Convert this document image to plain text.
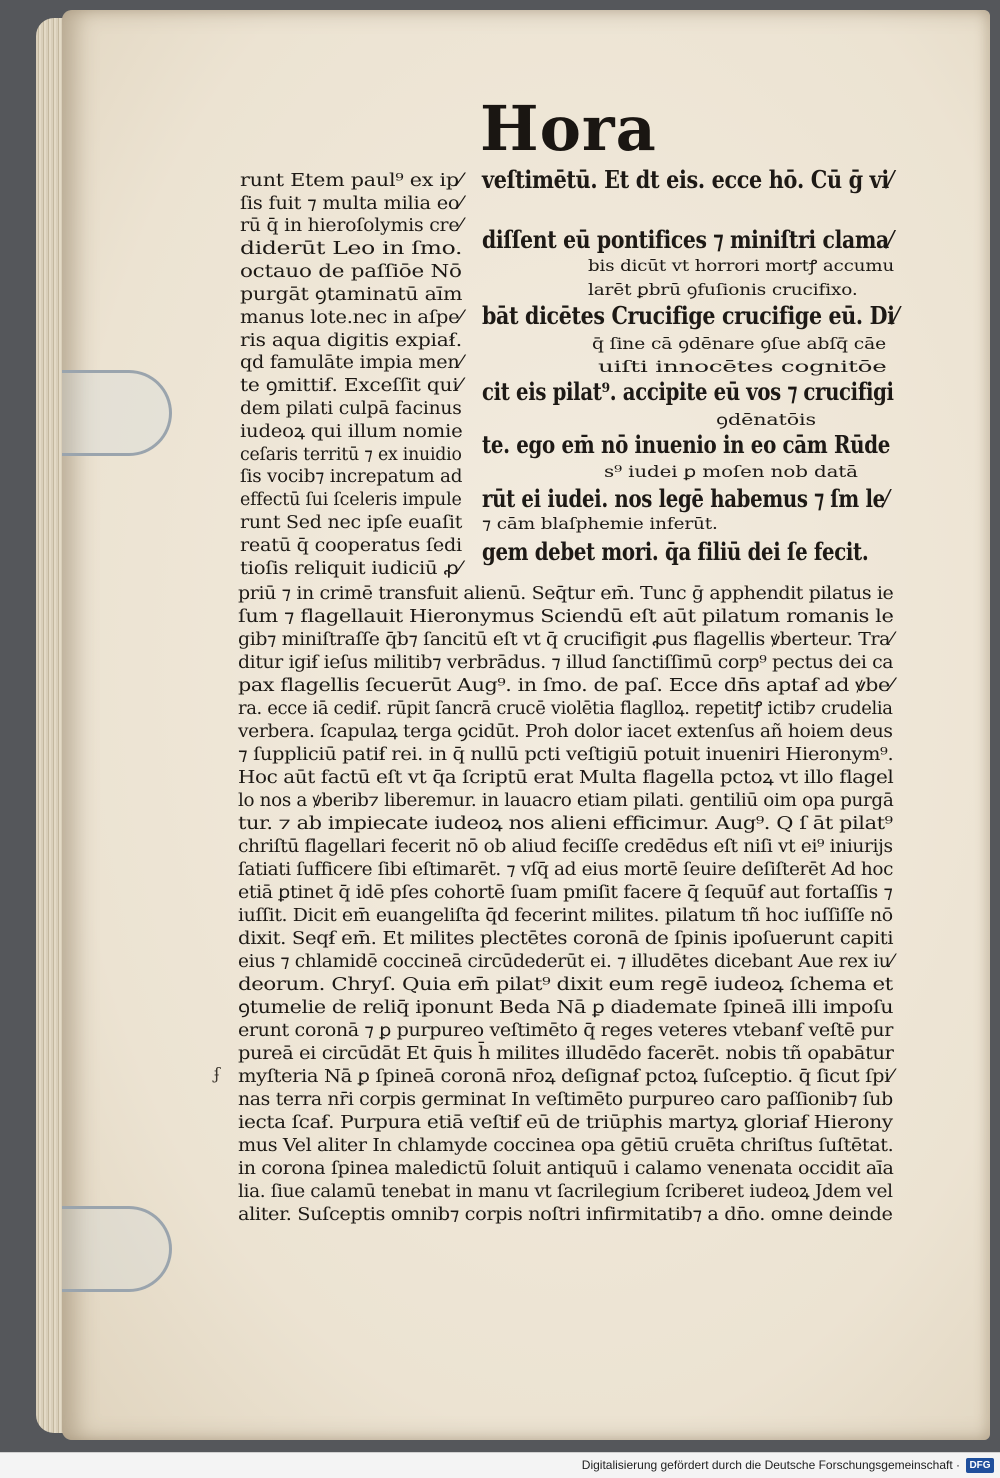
Hora
ʄ
runt Etem paul⁹ ex ip⁄
ſis fuit ⁊ multa milia eo⁄
rū q̄ in hieroſolymis cre⁄
diderūt Leo in ſmo.
octauo de paſſiōe Nō
purgāt ꝯtaminatū aīm
manus lote.nec in aſpe⁄
ris aqua digitis expiaẜ.
qd famulāte impia men⁄
te ꝯmittiẜ. Exceſſit qui⁄
dem pilati culpā facinus
iudeoꝝ qui illum nomie
ceſaris territū ⁊ ex inuidio
ſis vocib⁊ increpatum ad
effectū ſui ſceleris impule
runt Sed nec ipſe euaſit
reatū q̄ cooperatus ſedi
tioſis reliquit iudiciū ꝓ⁄
veſtimētū. Et dt eis. ecce hō. Cū ḡ vi⁄
diſſent eū pontifices ⁊ miniſtri clama⁄
bis dicūt vt horrori mortꝭ accumu
larēt ꝑbrū ꝯfuſionis crucifixo.
bāt dicētes Crucifige crucifige eū. Di⁄
q̄ ſine cā ꝯdēnare ꝯſue abſq̄ cāe
uiſti innocētes cognitōe
cit eis pilat⁹. accipite eū vos ⁊ crucifigi
ꝯdēnatōis
te. ego em̄ nō inuenio in eo cām Rūde
s⁹ iudei ꝑ moſen nob datā
rūt ei iudei. nos legē habemus ⁊ ſm le⁄
⁊ cām blaſphemie inferūt.
gem debet mori. q̄a filiū dei ſe fecit.
priū ⁊ in crimē transfuit alienū. Seq̄tur em̄. Tunc ḡ apphendit pilatus ie
ſum ⁊ flagellauit Hieronymus Sciendū eſt aūt pilatum romanis le
gib⁊ miniſtraſſe q̄b⁊ ſancitū eſt vt q̄ crucifigit ꝓus flagellis ꝟberteur. Tra⁄
ditur igiẜ ieſus militib⁊ verbrādus. ⁊ illud ſanctiſſimū corp⁹ pectus dei ca
pax flagellis ſecuerūt Aug⁹. in ſmo. de paſ. Ecce dn̄s aptaẜ ad ꝟbe⁄
ra. ecce iā cediẜ. rūpit ſancrā crucē violētia flaglloꝝ. repetitꝭ ictib⁊ crudelia
verbera. ſcapulaꝝ terga ꝯcidūt. Proh dolor iacet extenſus añ hoiem deus
⁊ ſuppliciū patiẜ rei. in q̄ nullū pcti veſtigiū potuit inueniri Hieronym⁹.
Hoc aūt factū eſt vt q̄a ſcriptū erat Multa flagella pctoꝝ vt illo flagel
lo nos a ꝟberib⁊ liberemur. in lauacro etiam pilati. gentiliū oim opa purgā
tur. ⁊ ab impiecate iudeoꝝ nos alieni efficimur. Aug⁹. Q ſ āt pilat⁹
chriſtū flagellari fecerit nō ob aliud feciſſe credēdus eſt niſi vt ei⁹ iniurijs
ſatiati ſufficere ſibi eſtimarēt. ⁊ vſq̄ ad eius mortē ſeuire deſiſterēt Ad hoc
etiā ꝑtinet q̄ idē pſes cohortē ſuam pmiſit facere q̄ ſequūẜ aut fortaſſis ⁊
iuſſit. Dicit em̄ euangeliſta q̄d fecerint milites. pilatum tñ hoc iuſſiſſe nō
dixit. Seqẜ em̄. Et milites plectētes coronā de ſpinis ipoſuerunt capiti
eius ⁊ chlamidē coccineā circūdederūt ei. ⁊ illudētes dicebant Aue rex iu⁄
deorum. Chryſ. Quia em̄ pilat⁹ dixit eum regē iudeoꝝ ſchema et
ꝯtumelie de reliq̄ iponunt Beda Nā ꝑ diademate ſpineā illi impoſu
erunt coronā ⁊ ꝑ purpureo veſtimēto q̄ reges veteres vtebanẜ veſtē pur
pureā ei circūdāt Et q̄uis h̄ milites illudēdo facerēt. nobis tñ opabātur
myſteria Nā ꝑ ſpineā coronā nr̄oꝝ deſignaẜ pctoꝝ ſuſceptio. q̄ ſicut ſpi⁄
nas terra nr̄i corpis germinat In veſtimēto purpureo caro paſſionib⁊ ſub
iecta ſcaẜ. Purpura etiā veſtiẜ eū de triūphis martyꝝ gloriaẜ Hierony
mus Vel aliter In chlamyde coccinea opa gētiū cruēta chriſtus ſuſtētat.
in corona ſpinea maledictū ſoluit antiquū i calamo venenata occidit aīa
lia. ſiue calamū tenebat in manu vt ſacrilegium ſcriberet iudeoꝝ Jdem vel
aliter. Suſceptis omnib⁊ corpis noſtri infirmitatib⁊ a dn̄o. omne deinde
Digitalisierung gefördert durch die Deutsche Forschungsgemeinschaft · DFG
